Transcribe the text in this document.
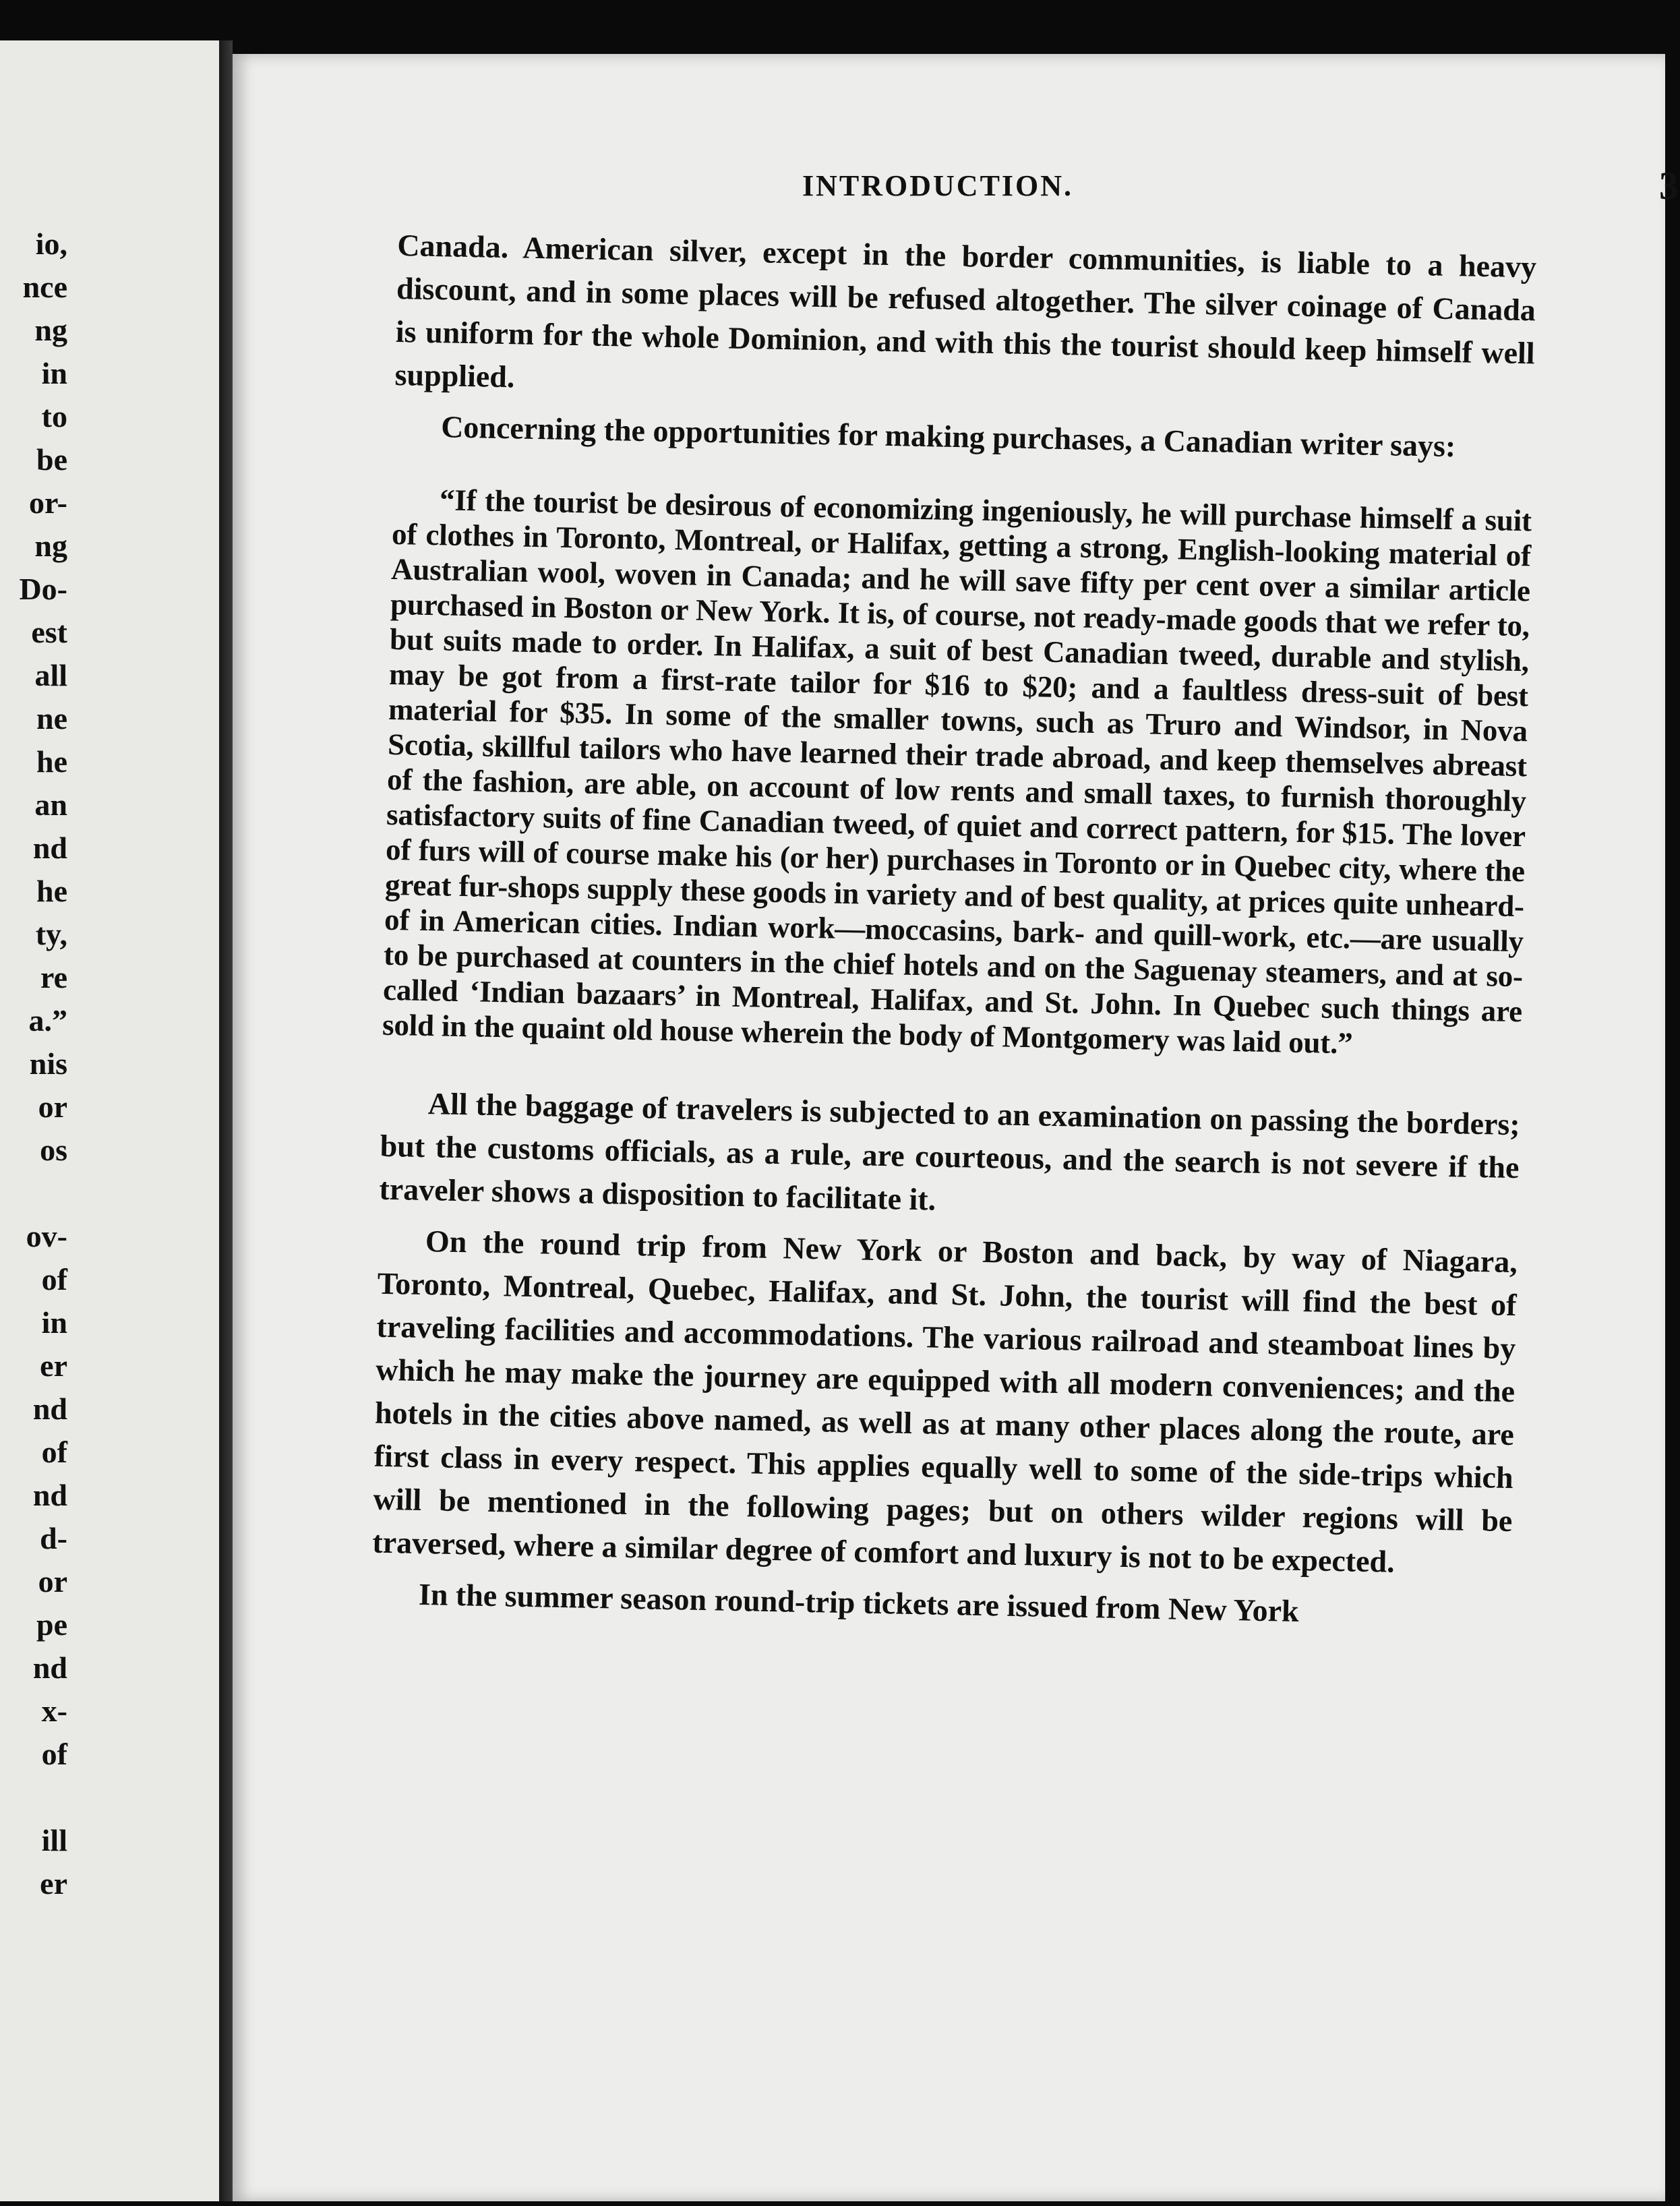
io,
nce
ng
in
to
be
or-
ng
Do-
est
all
ne
he
an
nd
he
ty,
re
a.”
nis
or
os
ov-
of
in
er
nd
of
nd
d-
or
pe
nd
x-
of
ill
er
INTRODUCTION.	3

Canada. American silver, except in the border communities, is liable to a heavy discount, and in some places will be refused altogether. The silver coinage of Canada is uniform for the whole Dominion, and with this the tourist should keep himself well supplied.

Concerning the opportunities for making purchases, a Canadian writer says:

“If the tourist be desirous of economizing ingeniously, he will purchase himself a suit of clothes in Toronto, Montreal, or Halifax, getting a strong, English-looking material of Australian wool, woven in Canada; and he will save fifty per cent over a similar article purchased in Boston or New York. It is, of course, not ready-made goods that we refer to, but suits made to order. In Halifax, a suit of best Canadian tweed, durable and stylish, may be got from a first-rate tailor for $16 to $20; and a faultless dress-suit of best material for $35. In some of the smaller towns, such as Truro and Windsor, in Nova Scotia, skillful tailors who have learned their trade abroad, and keep themselves abreast of the fashion, are able, on account of low rents and small taxes, to furnish thoroughly satisfactory suits of fine Canadian tweed, of quiet and correct pattern, for $15. The lover of furs will of course make his (or her) purchases in Toronto or in Quebec city, where the great fur-shops supply these goods in variety and of best quality, at prices quite unheard-of in American cities. Indian work—moccasins, bark- and quill-work, etc.—are usually to be purchased at counters in the chief hotels and on the Saguenay steamers, and at so-called ‘Indian bazaars’ in Montreal, Halifax, and St. John. In Quebec such things are sold in the quaint old house wherein the body of Montgomery was laid out.”

All the baggage of travelers is subjected to an examination on passing the borders; but the customs officials, as a rule, are courteous, and the search is not severe if the traveler shows a disposition to facilitate it.

On the round trip from New York or Boston and back, by way of Niagara, Toronto, Montreal, Quebec, Halifax, and St. John, the tourist will find the best of traveling facilities and accommodations. The various railroad and steamboat lines by which he may make the journey are equipped with all modern conveniences; and the hotels in the cities above named, as well as at many other places along the route, are first class in every respect. This applies equally well to some of the side-trips which will be mentioned in the following pages; but on others wilder regions will be traversed, where a similar degree of comfort and luxury is not to be expected.

In the summer season round-trip tickets are issued from New York
